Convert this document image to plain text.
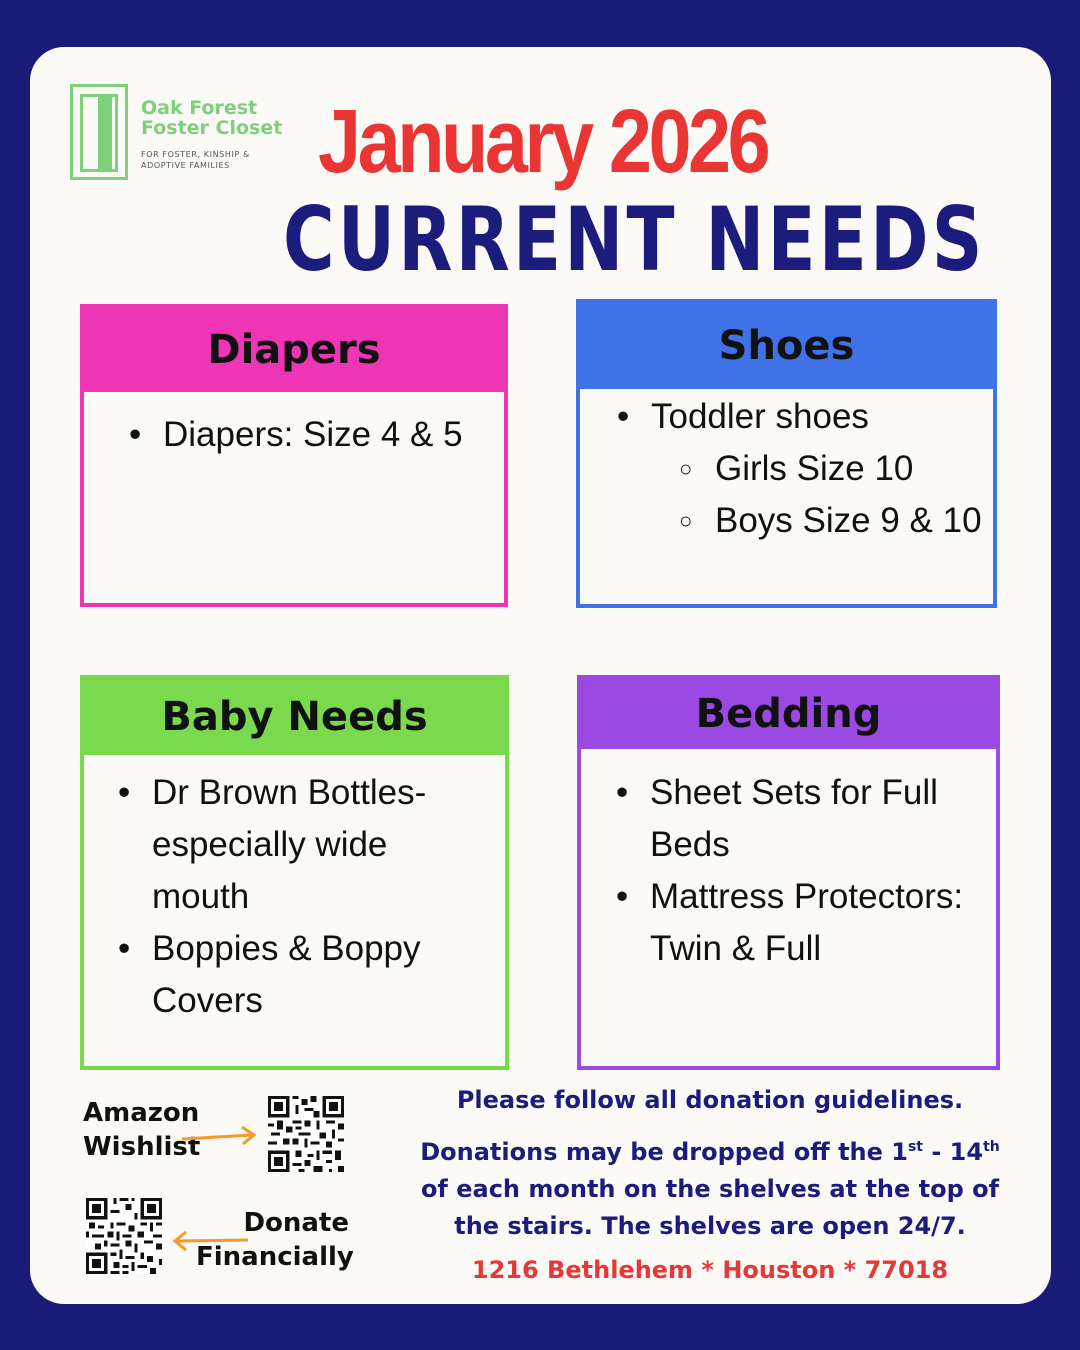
Oak Forest
Foster Closet
FOR FOSTER, KINSHIP &
ADOPTIVE FAMILIES January 2026
CURRENT NEEDS
Diapers
• Diapers: Size 4 & 5
Shoes
• Toddler shoes
○ Girls Size 10
○ Boys Size 9 & 10
Baby Needs
• Dr Brown Bottles-especially wide mouth
• Boppies & Boppy Covers
Bedding
• Sheet Sets for Full Beds
• Mattress Protectors: Twin & Full
Amazon
Wishlist
Donate
Financially
Please follow all donation guidelines.
Donations may be dropped off the 1st - 14th
of each month on the shelves at the top of
the stairs. The shelves are open 24/7.
1216 Bethlehem * Houston * 77018
